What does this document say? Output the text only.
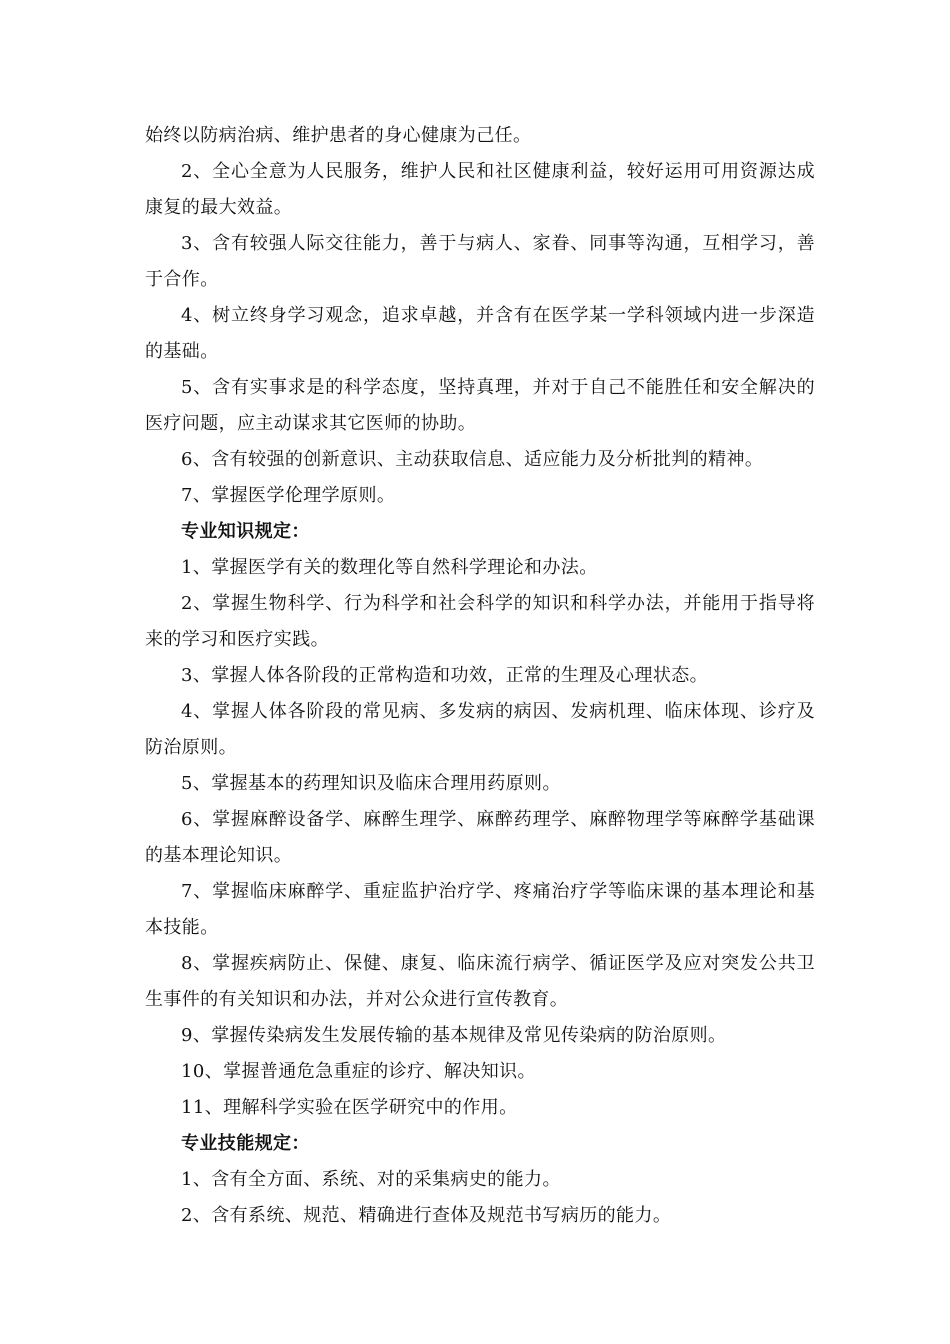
始终以防病治病、维护患者的身心健康为己任。

2、全心全意为人民服务，维护人民和社区健康利益，较好运用可用资源达成康复的最大效益。

3、含有较强人际交往能力，善于与病人、家眷、同事等沟通，互相学习，善于合作。

4、树立终身学习观念，追求卓越，并含有在医学某一学科领域内进一步深造的基础。

5、含有实事求是的科学态度，坚持真理，并对于自己不能胜任和安全解决的医疗问题，应主动谋求其它医师的协助。

6、含有较强的创新意识、主动获取信息、适应能力及分析批判的精神。

7、掌握医学伦理学原则。

专业知识规定：

1、掌握医学有关的数理化等自然科学理论和办法。

2、掌握生物科学、行为科学和社会科学的知识和科学办法，并能用于指导将来的学习和医疗实践。

3、掌握人体各阶段的正常构造和功效，正常的生理及心理状态。

4、掌握人体各阶段的常见病、多发病的病因、发病机理、临床体现、诊疗及防治原则。

5、掌握基本的药理知识及临床合理用药原则。

6、掌握麻醉设备学、麻醉生理学、麻醉药理学、麻醉物理学等麻醉学基础课的基本理论知识。

7、掌握临床麻醉学、重症监护治疗学、疼痛治疗学等临床课的基本理论和基本技能。

8、掌握疾病防止、保健、康复、临床流行病学、循证医学及应对突发公共卫生事件的有关知识和办法，并对公众进行宣传教育。

9、掌握传染病发生发展传输的基本规律及常见传染病的防治原则。

10、掌握普通危急重症的诊疗、解决知识。

11、理解科学实验在医学研究中的作用。

专业技能规定：

1、含有全方面、系统、对的采集病史的能力。

2、含有系统、规范、精确进行查体及规范书写病历的能力。
